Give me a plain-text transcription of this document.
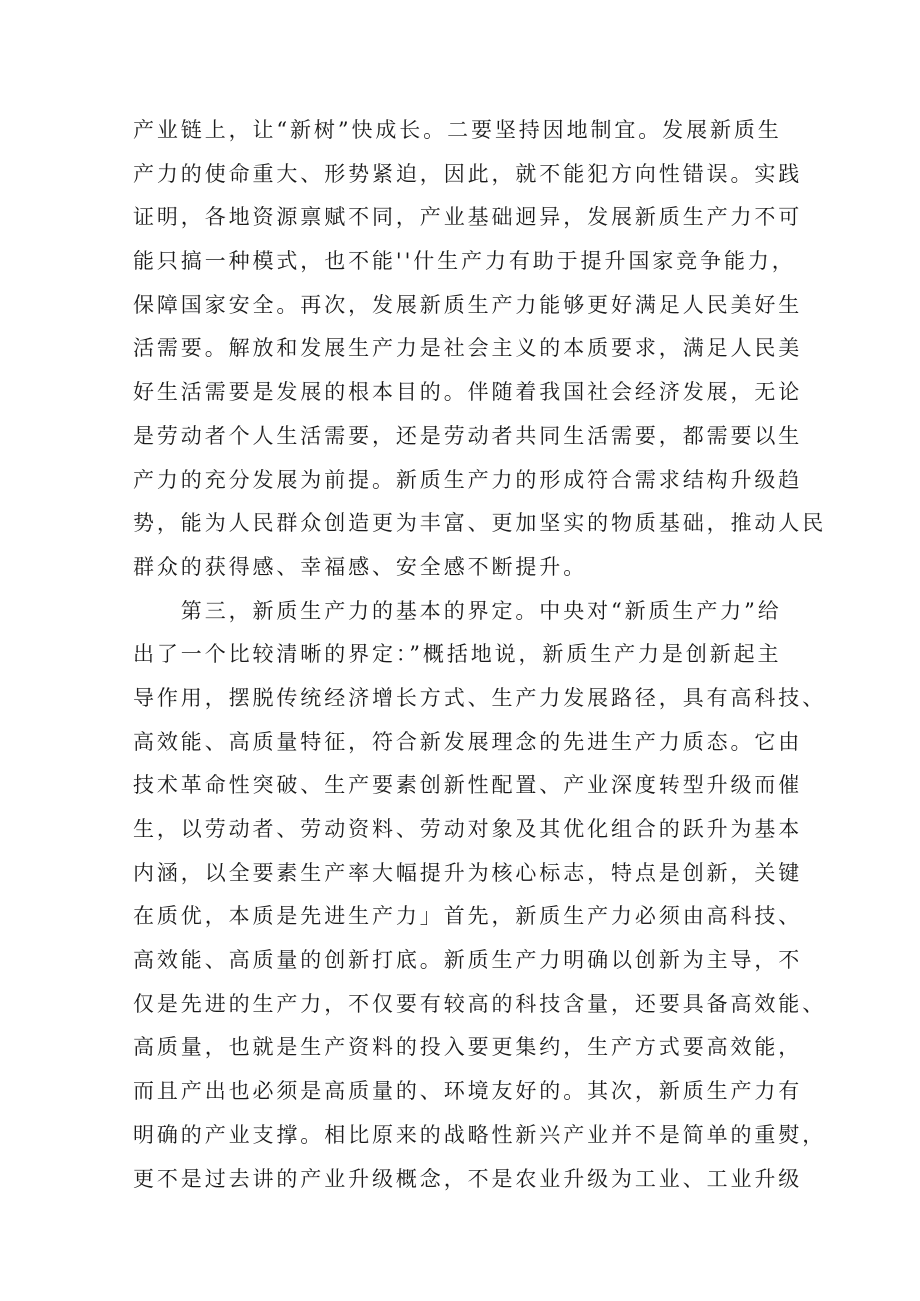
产业链上，让“新树”快成长。二要坚持因地制宜。发展新质生
产力的使命重大、形势紧迫，因此，就不能犯方向性错误。实践
证明，各地资源禀赋不同，产业基础迥异，发展新质生产力不可
能只搞一种模式，也不能''什生产力有助于提升国家竞争能力，
保障国家安全。再次，发展新质生产力能够更好满足人民美好生
活需要。解放和发展生产力是社会主义的本质要求，满足人民美
好生活需要是发展的根本目的。伴随着我国社会经济发展，无论
是劳动者个人生活需要，还是劳动者共同生活需要，都需要以生
产力的充分发展为前提。新质生产力的形成符合需求结构升级趋
势，能为人民群众创造更为丰富、更加坚实的物质基础，推动人民
群众的获得感、幸福感、安全感不断提升。
　　第三，新质生产力的基本的界定。中央对“新质生产力”给
出了一个比较清晰的界定：”概括地说，新质生产力是创新起主
导作用，摆脱传统经济增长方式、生产力发展路径，具有高科技、
高效能、高质量特征，符合新发展理念的先进生产力质态。它由
技术革命性突破、生产要素创新性配置、产业深度转型升级而催
生，以劳动者、劳动资料、劳动对象及其优化组合的跃升为基本
内涵，以全要素生产率大幅提升为核心标志，特点是创新，关键
在质优，本质是先进生产力」首先，新质生产力必须由高科技、
高效能、高质量的创新打底。新质生产力明确以创新为主导，不
仅是先进的生产力，不仅要有较高的科技含量，还要具备高效能、
高质量，也就是生产资料的投入要更集约，生产方式要高效能，
而且产出也必须是高质量的、环境友好的。其次，新质生产力有
明确的产业支撑。相比原来的战略性新兴产业并不是简单的重熨，
更不是过去讲的产业升级概念，不是农业升级为工业、工业升级
